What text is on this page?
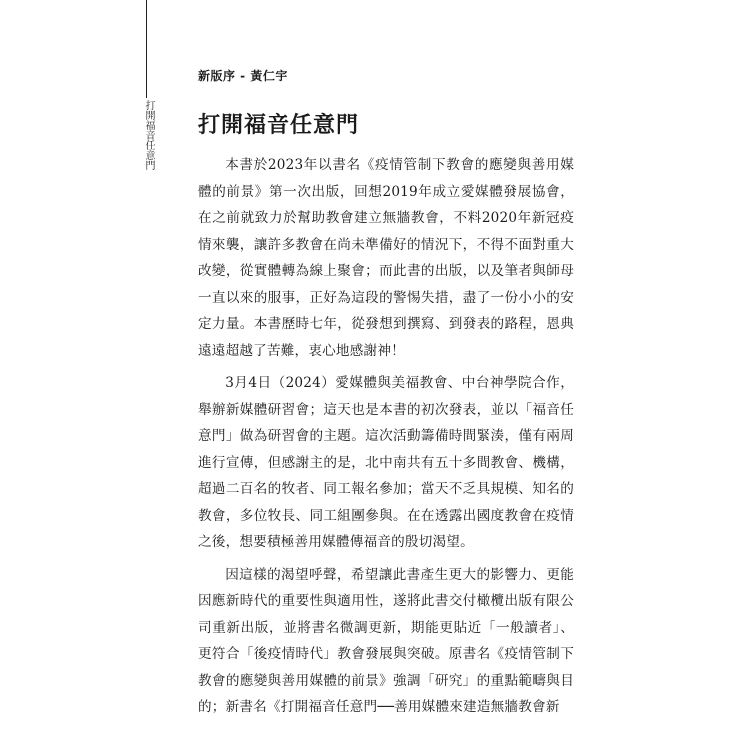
打開福音任意門
新版序 - 黃仁宇
打開福音任意門

本書於2023年以書名《疫情管制下教會的應變與善用媒體的前景》第一次出版，回想2019年成立愛媒體發展協會，在之前就致力於幫助教會建立無牆教會，不料2020年新冠疫情來襲，讓許多教會在尚未準備好的情況下，不得不面對重大改變，從實體轉為線上聚會；而此書的出版，以及筆者與師母一直以來的服事，正好為這段的警惕失措，盡了一份小小的安定力量。本書歷時七年，從發想到撰寫、到發表的路程，恩典遠遠超越了苦難，衷心地感謝神！

3月4日（2024）愛媒體與美福教會、中台神學院合作，舉辦新媒體研習會；這天也是本書的初次發表，並以「福音任意門」做為研習會的主題。這次活動籌備時間緊湊，僅有兩周進行宣傳，但感謝主的是，北中南共有五十多間教會、機構，超過二百名的牧者、同工報名參加；當天不乏具規模、知名的教會，多位牧長、同工組團參與。在在透露出國度教會在疫情之後，想要積極善用媒體傳福音的殷切渴望。

因這樣的渴望呼聲，希望讓此書產生更大的影響力、更能因應新時代的重要性與適用性，遂將此書交付橄欖出版有限公司重新出版，並將書名微調更新，期能更貼近「一般讀者」、更符合「後疫情時代」教會發展與突破。原書名《疫情管制下教會的應變與善用媒體的前景》強調「研究」的重點範疇與目的；新書名《打開福音任意門──善用媒體來建造無牆教會新
